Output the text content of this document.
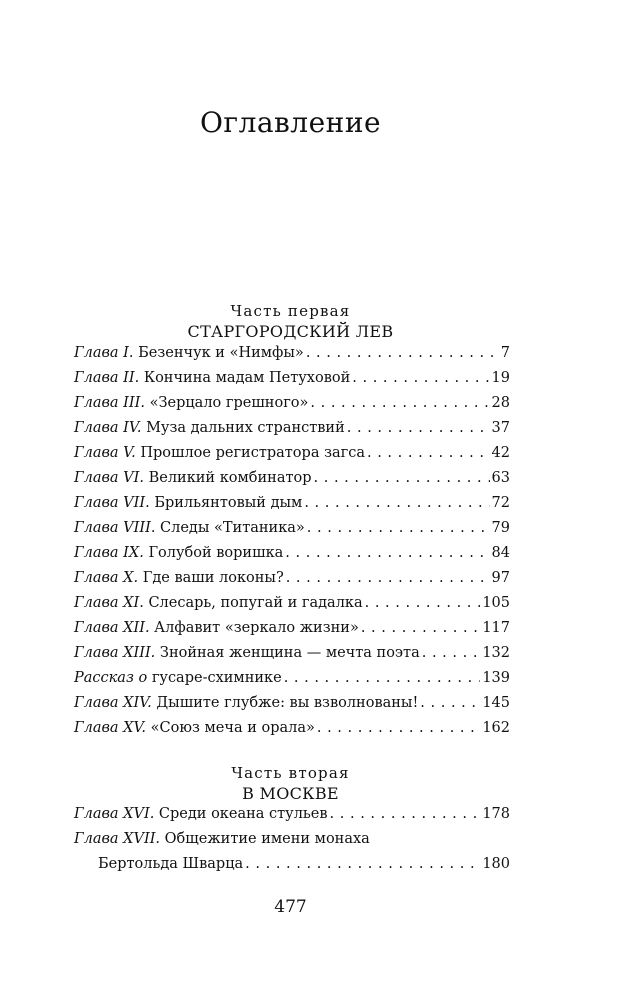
Оглавление
Часть первая
СТАРГОРОДСКИЙ ЛЕВ
Глава I. Безенчук и «Нимфы» . . .	7
Глава II. Кончина мадам Петуховой . . .	19
Глава III. «Зерцало грешного» . . .	28
Глава IV. Муза дальних странствий . . .	37
Глава V. Прошлое регистратора загса . . .	42
Глава VI. Великий комбинатор . . .	63
Глава VII. Брильянтовый дым . . .	72
Глава VIII. Следы «Титаника» . . .	79
Глава IX. Голубой воришка . . .	84
Глава X. Где ваши локоны? . . .	97
Глава XI. Слесарь, попугай и гадалка . . .	105
Глава XII. Алфавит «зеркало жизни» . . .	117
Глава XIII. Знойная женщина — мечта поэта . . .	132
Рассказ о гусаре-схимнике . . .	139
Глава XIV. Дышите глубже: вы взволнованы! . . .	145
Глава XV. «Союз меча и орала» . . .	162
Часть вторая
В МОСКВЕ
Глава XVI. Среди океана стульев . . .	178
Глава XVII. Общежитие имени монаха
Бертольда Шварца . . .	180
477
